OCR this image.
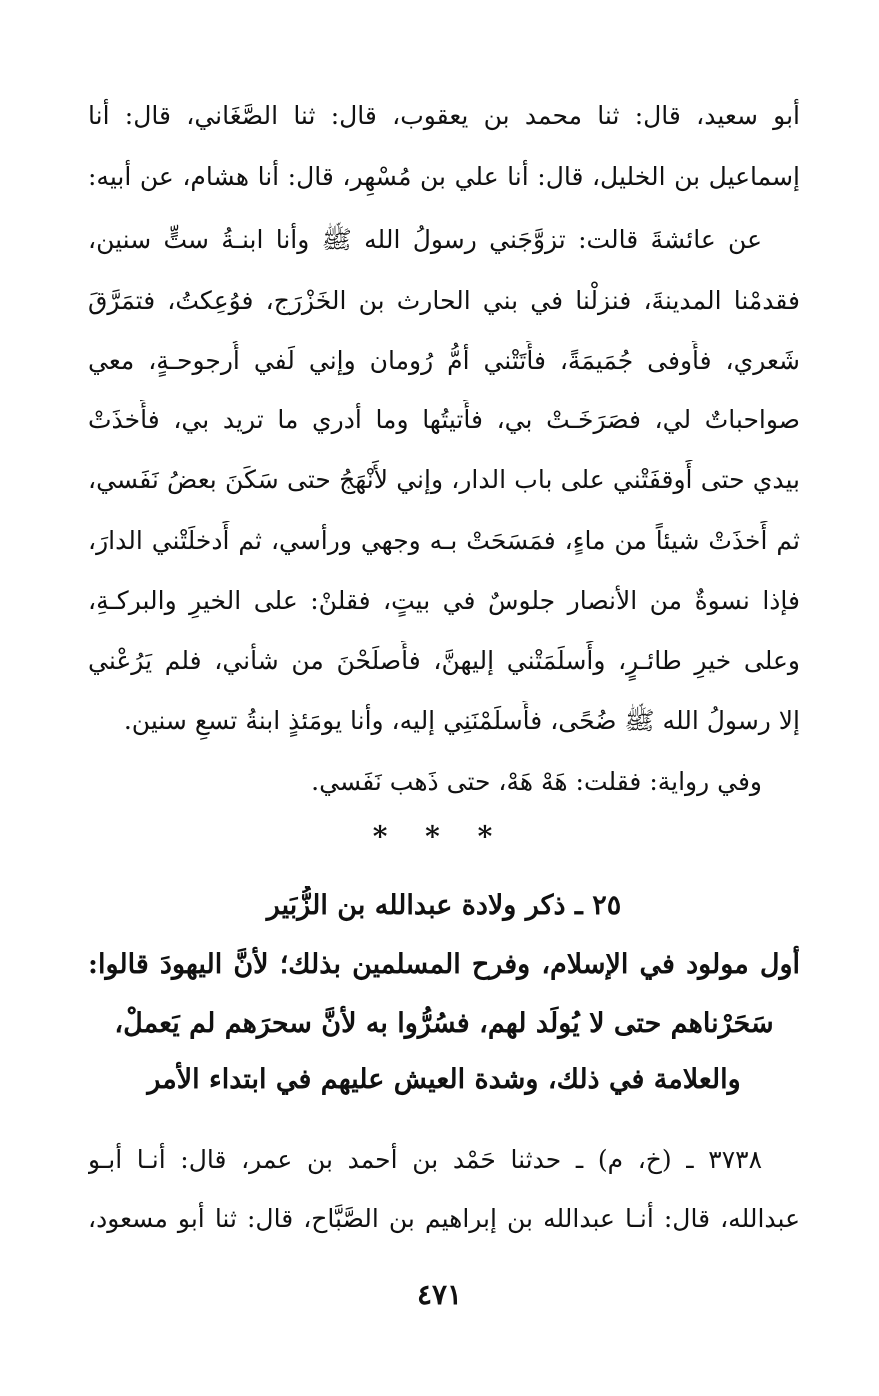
أبو سعيد، قال: ثنا محمد بن يعقوب، قال: ثنا الصَّغَاني، قال: أنا
إسماعيل بن الخليل، قال: أنا علي بن مُسْهِر، قال: أنا هشام، عن أبيه:
عن عائشةَ قالت: تزوَّجَني رسولُ الله ﷺ وأنا ابنـةُ ستٍّ سنين،
فقدمْنا المدينةَ، فنزلْنا في بني الحارث بن الخَزْرَج، فوُعِكتُ، فتمَرَّقَ
شَعري، فأَوفى جُمَيمَةً، فأَتَتْني أمُّ رُومان وإني لَفي أُرجوحـةٍ، معي
صواحباتٌ لي، فصَرَخَـتْ بي، فأَتيتُها وما أدري ما تريد بي، فأَخذَتْ
بيدي حتى أَوقفَتْني على باب الدار، وإني لأَنْهَجُ حتى سَكَنَ بعضُ نَفَسي،
ثم أَخذَتْ شيئاً من ماءٍ، فمَسَحَتْ بـه وجهي ورأسي، ثم أَدخلَتْني الدارَ،
فإذا نسوةٌ من الأنصار جلوسٌ في بيتٍ، فقلنْ: على الخيرِ والبركـةِ،
وعلى خيرِ طائـرٍ، وأَسلَمَتْني إليهنَّ، فأَصلَحْنَ من شأني، فلم يَرُعْني
إلا رسولُ الله ﷺ ضُحًى، فأَسلَمْنَنِي إليه، وأنا يومَئذٍ ابنةُ تسعِ سنين.
وفي رواية: فقلت: هَهْ هَهْ، حتى ذَهب نَفَسي.
* * *
٢٥ ـ ذكر ولادة عبدالله بن الزُّبَير
أول مولود في الإسلام، وفرح المسلمين بذلك؛ لأنَّ اليهودَ قالوا:
سَحَرْناهم حتى لا يُولَد لهم، فسُرُّوا به لأنَّ سحرَهم لم يَعملْ،
والعلامة في ذلك، وشدة العيش عليهم في ابتداء الأمر
٣٧٣٨ ـ (خ، م) ـ حدثنا حَمْد بن أحمد بن عمر، قال: أنـا أبـو
عبدالله، قال: أنـا عبدالله بن إبراهيم بن الصَّبَّاح، قال: ثنا أبو مسعود،
٤٧١
